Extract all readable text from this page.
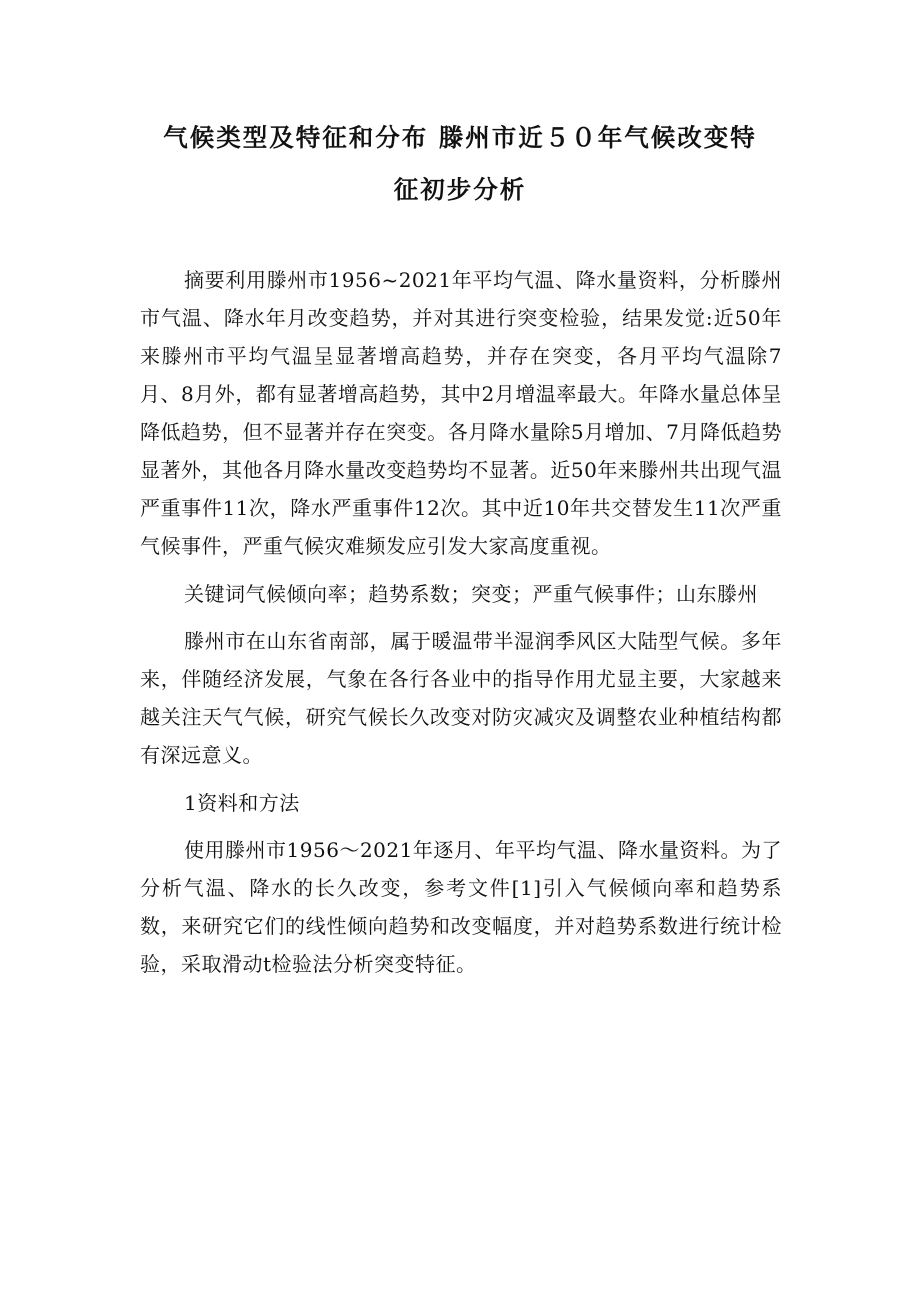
气候类型及特征和分布 滕州市近５０年气候改变特
征初步分析

摘要利用滕州市1956~2021年平均气温、降水量资料，分析滕州市气温、降水年月改变趋势，并对其进行突变检验，结果发觉:近50年来滕州市平均气温呈显著增高趋势，并存在突变，各月平均气温除7月、8月外，都有显著增高趋势，其中2月增温率最大。年降水量总体呈降低趋势，但不显著并存在突变。各月降水量除5月增加、7月降低趋势显著外，其他各月降水量改变趋势均不显著。近50年来滕州共出现气温严重事件11次，降水严重事件12次。其中近10年共交替发生11次严重气候事件，严重气候灾难频发应引发大家高度重视。

关键词气候倾向率；趋势系数；突变；严重气候事件；山东滕州

滕州市在山东省南部，属于暖温带半湿润季风区大陆型气候。多年来，伴随经济发展，气象在各行各业中的指导作用尤显主要，大家越来越关注天气气候，研究气候长久改变对防灾减灾及调整农业种植结构都有深远意义。

1资料和方法

使用滕州市1956～2021年逐月、年平均气温、降水量资料。为了分析气温、降水的长久改变，参考文件[1]引入气候倾向率和趋势系数，来研究它们的线性倾向趋势和改变幅度，并对趋势系数进行统计检验，采取滑动t检验法分析突变特征。
